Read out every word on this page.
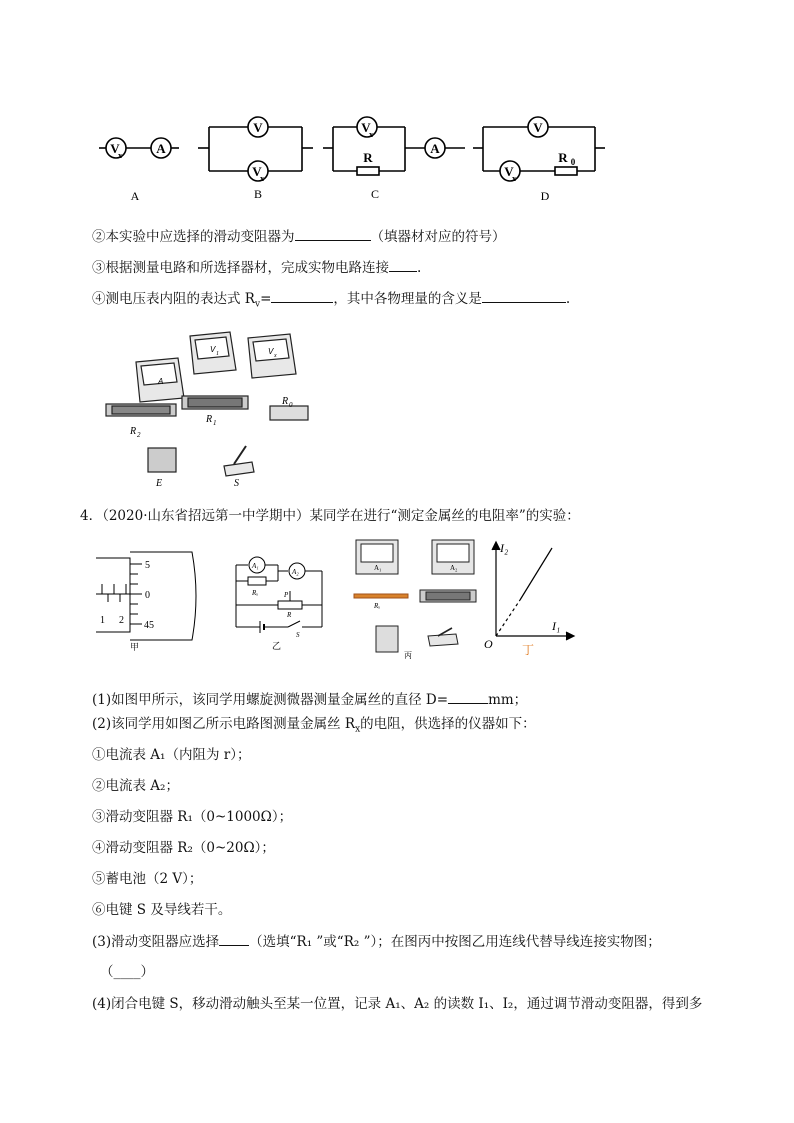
V
x	A
V
V
x
V
x
R
A
V
V
x
R 0
A	B	C	D
②本实验中应选择的滑动变阻器为	（填器材对应的符号）
③根据测量电路和所选择器材，完成实物电路连接 .
④测电压表内阻的表达式 $R_v=$	，其中各物理量的含义是	.
A
V 1	V x
R 2
R 1
R 0
E	S
4．（2020·山东省招远第一中学期中）某同学在进行“测定金属丝的电阻率”的实验：
5
0
45
1 2
甲
A₁
A₂
Rₓ	P
R
S
乙
A₁	A₂
Rₓ
丙
I₂
I₁
O 丁
(1)如图甲所示，该同学用螺旋测微器测量金属丝的直径 D=	mm；
(2)该同学用如图乙所示电路图测量金属丝 $R_x$的电阻，供选择的仪器如下：
①电流表 A₁（内阻为 r）；
②电流表 A₂；
③滑动变阻器 R₁（0~1000Ω）；
④滑动变阻器 R₂（0~20Ω）；
⑤蓄电池（2 V）；
⑥电键 S 及导线若干。
(3)滑动变阻器应选择 （选填“R₁ ”或“R₂ ”）；在图丙中按图乙用连线代替导线连接实物图；
（____）
(4)闭合电键 S，移动滑动触头至某一位置，记录 A₁、A₂ 的读数 I₁、I₂，通过调节滑动变阻器，得到多
